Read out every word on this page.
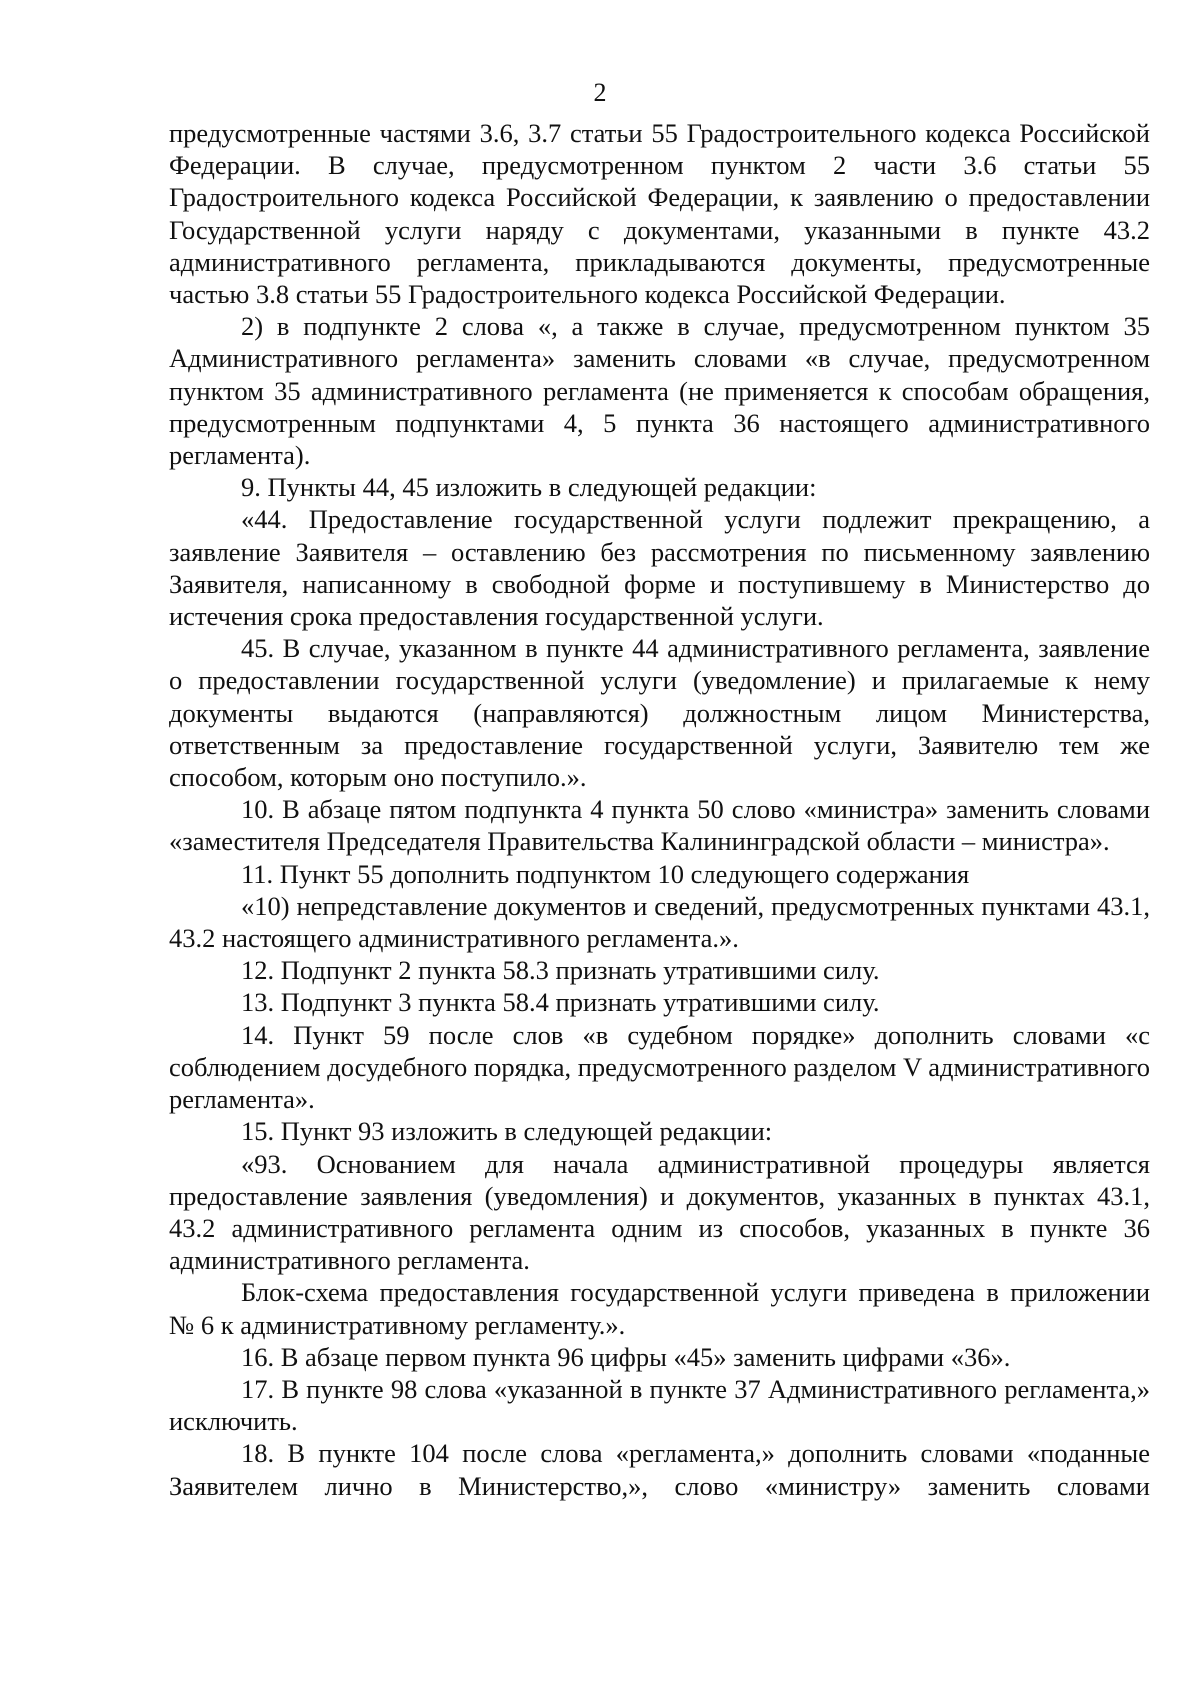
2

предусмотренные частями 3.6, 3.7 статьи 55 Градостроительного кодекса Российской Федерации. В случае, предусмотренном пунктом 2 части 3.6 статьи 55 Градостроительного кодекса Российской Федерации, к заявлению о предоставлении Государственной услуги наряду с документами, указанными в пункте 43.2 административного регламента, прикладываются документы, предусмотренные частью 3.8 статьи 55 Градостроительного кодекса Российской Федерации.

2) в подпункте 2 слова «, а также в случае, предусмотренном пунктом 35 Административного регламента» заменить словами «в случае, предусмотренном пунктом 35 административного регламента (не применяется к способам обращения, предусмотренным подпунктами 4, 5 пункта 36 настоящего административного регламента).

9. Пункты 44, 45 изложить в следующей редакции:

«44. Предоставление государственной услуги подлежит прекращению, а заявление Заявителя – оставлению без рассмотрения по письменному заявлению Заявителя, написанному в свободной форме и поступившему в Министерство до истечения срока предоставления государственной услуги.

45. В случае, указанном в пункте 44 административного регламента, заявление о предоставлении государственной услуги (уведомление) и прилагаемые к нему документы выдаются (направляются) должностным лицом Министерства, ответственным за предоставление государственной услуги, Заявителю тем же способом, которым оно поступило.».

10. В абзаце пятом подпункта 4 пункта 50 слово «министра» заменить словами «заместителя Председателя Правительства Калининградской области – министра».

11. Пункт 55 дополнить подпунктом 10 следующего содержания

«10) непредставление документов и сведений, предусмотренных пунктами 43.1, 43.2 настоящего административного регламента.».

12. Подпункт 2 пункта 58.3 признать утратившими силу.

13. Подпункт 3 пункта 58.4 признать утратившими силу.

14. Пункт 59 после слов «в судебном порядке» дополнить словами «с соблюдением досудебного порядка, предусмотренного разделом V административного регламента».

15. Пункт 93 изложить в следующей редакции:

«93. Основанием для начала административной процедуры является предоставление заявления (уведомления) и документов, указанных в пунктах 43.1, 43.2 административного регламента одним из способов, указанных в пункте 36 административного регламента.

Блок-схема предоставления государственной услуги приведена в приложении № 6 к административному регламенту.».

16. В абзаце первом пункта 96 цифры «45» заменить цифрами «36».

17. В пункте 98 слова «указанной в пункте 37 Административного регламента,» исключить.

18. В пункте 104 после слова «регламента,» дополнить словами «поданные Заявителем лично в Министерство,», слово «министру» заменить словами
